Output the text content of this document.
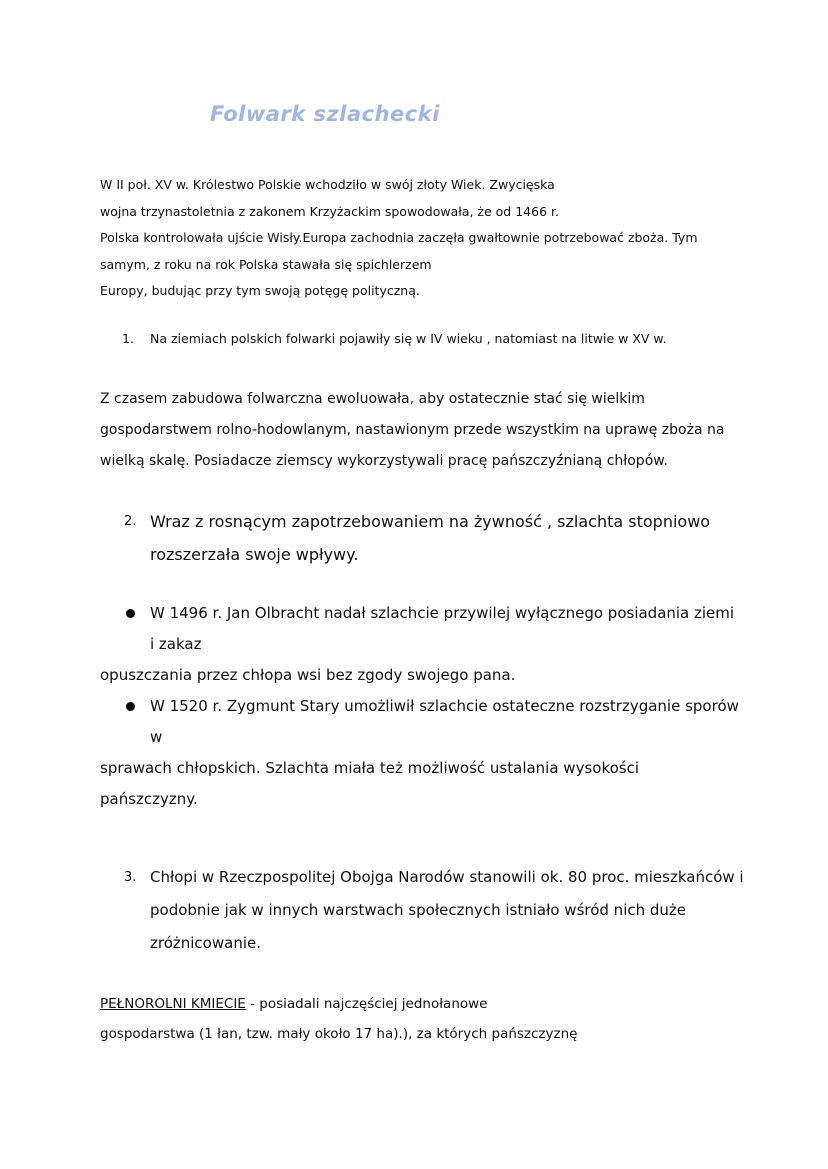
Folwark szlachecki

W II poł. XV w. Królestwo Polskie wchodziło w swój złoty Wiek. Zwycięska

wojna trzynastoletnia z zakonem Krzyżackim spowodowała, że od 1466 r.

Polska kontrolowała ujście Wisły.Europa zachodnia zaczęła gwałtownie potrzebować zboża. Tym

samym, z roku na rok Polska stawała się spichlerzem

Europy, budując przy tym swoją potęgę polityczną.

1. Na ziemiach polskich folwarki pojawiły się w IV wieku , natomiast na litwie w XV w.

Z czasem zabudowa folwarczna ewoluowała, aby ostatecznie stać się wielkim

gospodarstwem rolno-hodowlanym, nastawionym przede wszystkim na uprawę zboża na

wielką skalę. Posiadacze ziemscy wykorzystywali pracę pańszczyźnianą chłopów.

2. Wraz z rosnącym zapotrzebowaniem na żywność , szlachta stopniowo rozszerzała swoje wpływy.
W 1496 r. Jan Olbracht nadał szlachcie przywilej wyłącznego posiadania ziemi i zakaz

opuszczania przez chłopa wsi bez zgody swojego pana.

W 1520 r. Zygmunt Stary umożliwił szlachcie ostateczne rozstrzyganie sporów w

sprawach chłopskich. Szlachta miała też możliwość ustalania wysokości

pańszczyzny.

3. Chłopi w Rzeczpospolitej Obojga Narodów stanowili ok. 80 proc. mieszkańców i podobnie jak w innych warstwach społecznych istniało wśród nich duże zróżnicowanie.

PEŁNOROLNI KMIECIE - posiadali najczęściej jednołanowe

gospodarstwa (1 łan, tzw. mały około 17 ha).), za których pańszczyznę
